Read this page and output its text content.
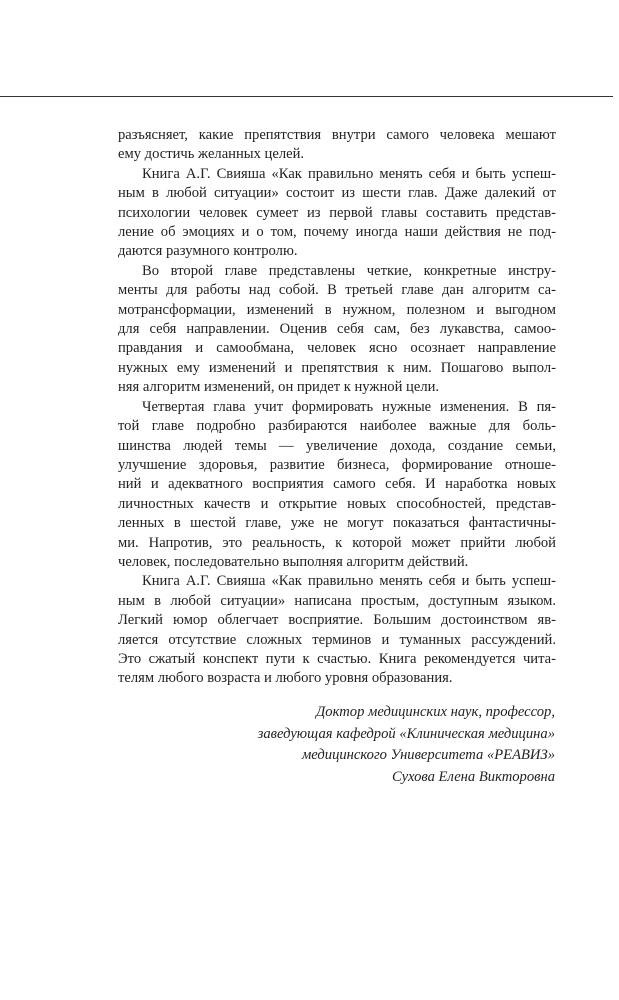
разъясняет, какие препятствия внутри самого человека мешают
ему достичь желанных целей.

Книга А.Г. Свияша «Как правильно менять себя и быть успеш-
ным в любой ситуации» состоит из шести глав. Даже далекий от
психологии человек сумеет из первой главы составить представ-
ление об эмоциях и о том, почему иногда наши действия не под-
даются разумного контролю.

Во второй главе представлены четкие, конкретные инстру-
менты для работы над собой. В третьей главе дан алгоритм са-
мотрансформации, изменений в нужном, полезном и выгодном
для себя направлении. Оценив себя сам, без лукавства, самоо-
правдания и самообмана, человек ясно осознает направление
нужных ему изменений и препятствия к ним. Пошагово выпол-
няя алгоритм изменений, он придет к нужной цели.

Четвертая глава учит формировать нужные изменения. В пя-
той главе подробно разбираются наиболее важные для боль-
шинства людей темы — увеличение дохода, создание семьи,
улучшение здоровья, развитие бизнеса, формирование отноше-
ний и адекватного восприятия самого себя. И наработка новых
личностных качеств и открытие новых способностей, представ-
ленных в шестой главе, уже не могут показаться фантастичны-
ми. Напротив, это реальность, к которой может прийти любой
человек, последовательно выполняя алгоритм действий.

Книга А.Г. Свияша «Как правильно менять себя и быть успеш-
ным в любой ситуации» написана простым, доступным языком.
Легкий юмор облегчает восприятие. Большим достоинством яв-
ляется отсутствие сложных терминов и туманных рассуждений.
Это сжатый конспект пути к счастью. Книга рекомендуется чита-
телям любого возраста и любого уровня образования.

Доктор медицинских наук, профессор,
заведующая кафедрой «Клиническая медицина»
медицинского Университета «РЕАВИЗ»
Сухова Елена Викторовна
